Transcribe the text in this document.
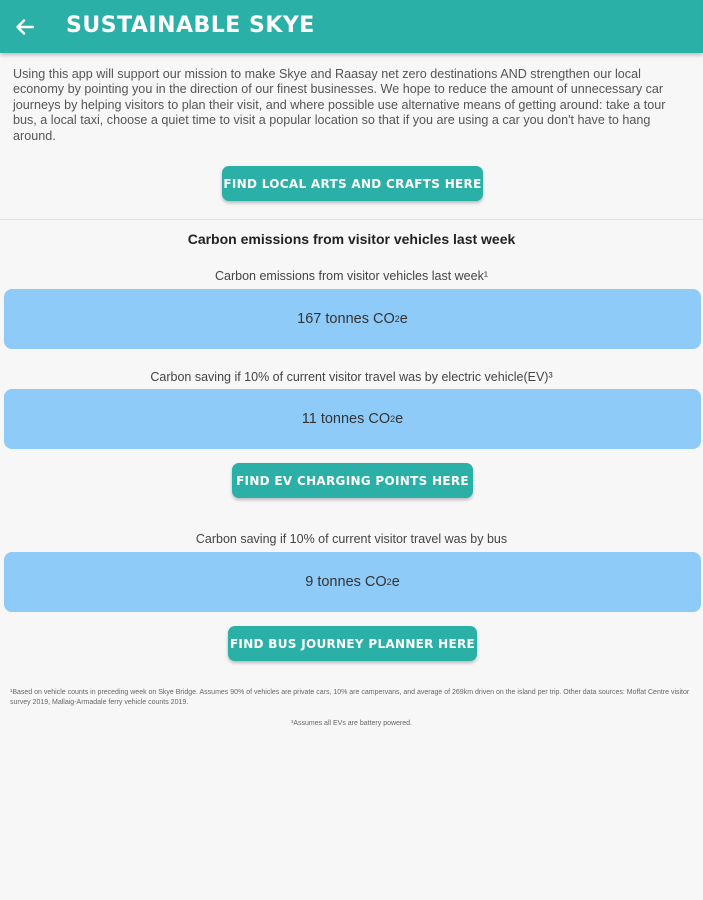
SUSTAINABLE SKYE

Using this app will support our mission to make Skye and Raasay net zero destinations AND strengthen our local economy by pointing you in the direction of our finest businesses. We hope to reduce the amount of unnecessary car journeys by helping visitors to plan their visit, and where possible use alternative means of getting around: take a tour bus, a local taxi, choose a quiet time to visit a popular location so that if you are using a car you don't have to hang around.

FIND LOCAL ARTS AND CRAFTS HERE
Carbon emissions from visitor vehicles last week
Carbon emissions from visitor vehicles last week¹
167
tonnes CO 2 e
Carbon saving if 10% of current visitor travel was by electric vehicle(EV)³
11
tonnes CO 2 e
FIND EV CHARGING POINTS HERE
Carbon saving if 10% of current visitor travel was by bus
9
tonnes CO 2 e
FIND BUS JOURNEY PLANNER HERE

¹Based on vehicle counts in preceding week on Skye Bridge. Assumes 90% of vehicles are private cars, 10% are campervans, and average of 269km driven on the island per trip. Other data sources: Moffat Centre visitor survey 2019, Mallaig-Armadale ferry vehicle counts 2019.

³Assumes all EVs are battery powered.
